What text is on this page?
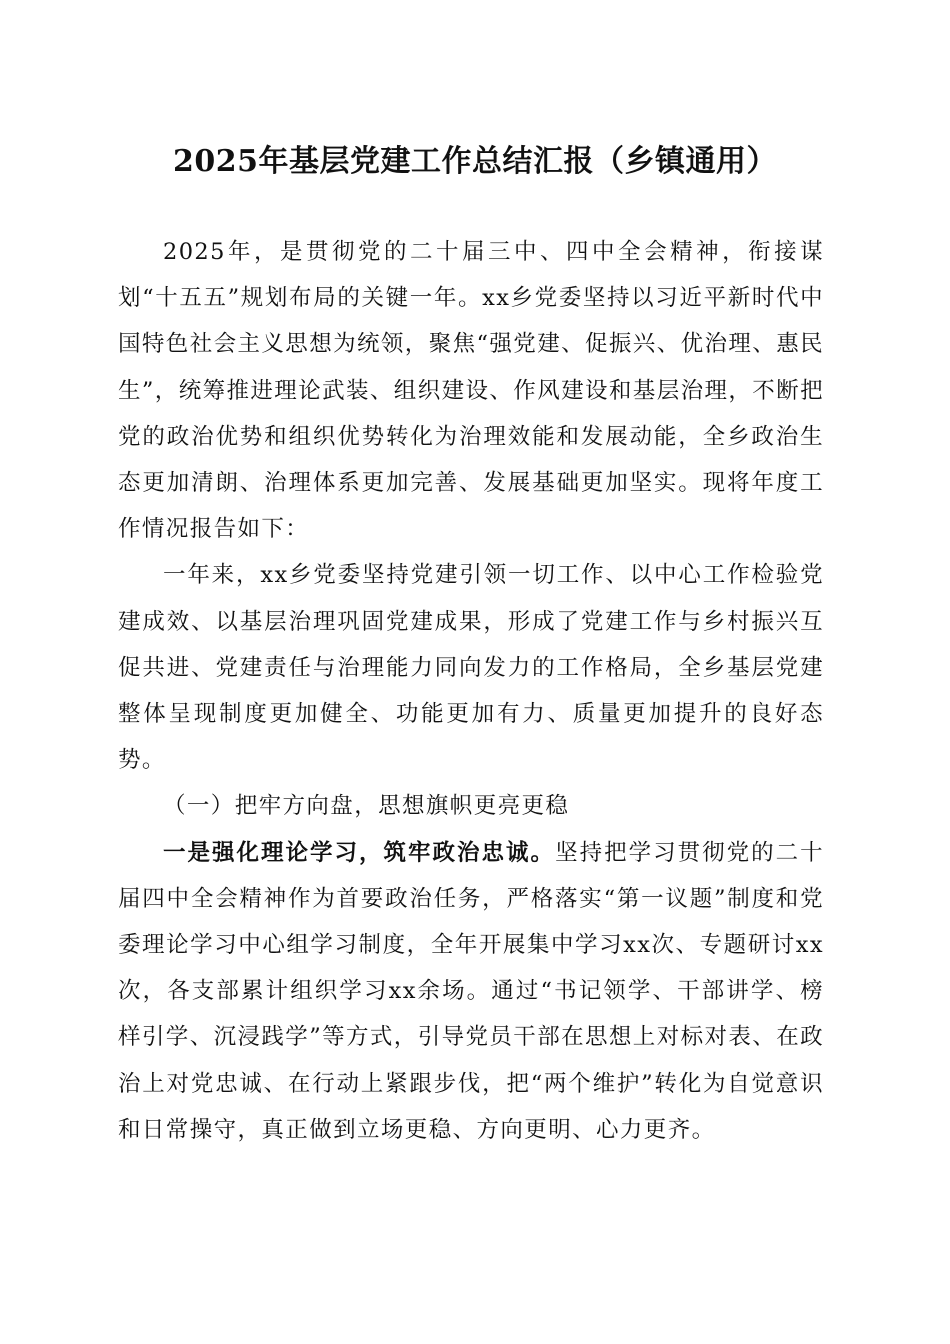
2025年基层党建工作总结汇报（乡镇通用）

2025年，是贯彻党的二十届三中、四中全会精神，衔接谋划“十五五”规划布局的关键一年。xx乡党委坚持以习近平新时代中国特色社会主义思想为统领，聚焦“强党建、促振兴、优治理、惠民生”，统筹推进理论武装、组织建设、作风建设和基层治理，不断把党的政治优势和组织优势转化为治理效能和发展动能，全乡政治生态更加清朗、治理体系更加完善、发展基础更加坚实。现将年度工作情况报告如下：

一年来，xx乡党委坚持党建引领一切工作、以中心工作检验党建成效、以基层治理巩固党建成果，形成了党建工作与乡村振兴互促共进、党建责任与治理能力同向发力的工作格局，全乡基层党建整体呈现制度更加健全、功能更加有力、质量更加提升的良好态势。

（一）把牢方向盘，思想旗帜更亮更稳

一是强化理论学习，筑牢政治忠诚。坚持把学习贯彻党的二十届四中全会精神作为首要政治任务，严格落实“第一议题”制度和党委理论学习中心组学习制度，全年开展集中学习xx次、专题研讨xx次，各支部累计组织学习xx余场。通过“书记领学、干部讲学、榜样引学、沉浸践学”等方式，引导党员干部在思想上对标对表、在政治上对党忠诚、在行动上紧跟步伐，把“两个维护”转化为自觉意识和日常操守，真正做到立场更稳、方向更明、心力更齐。
